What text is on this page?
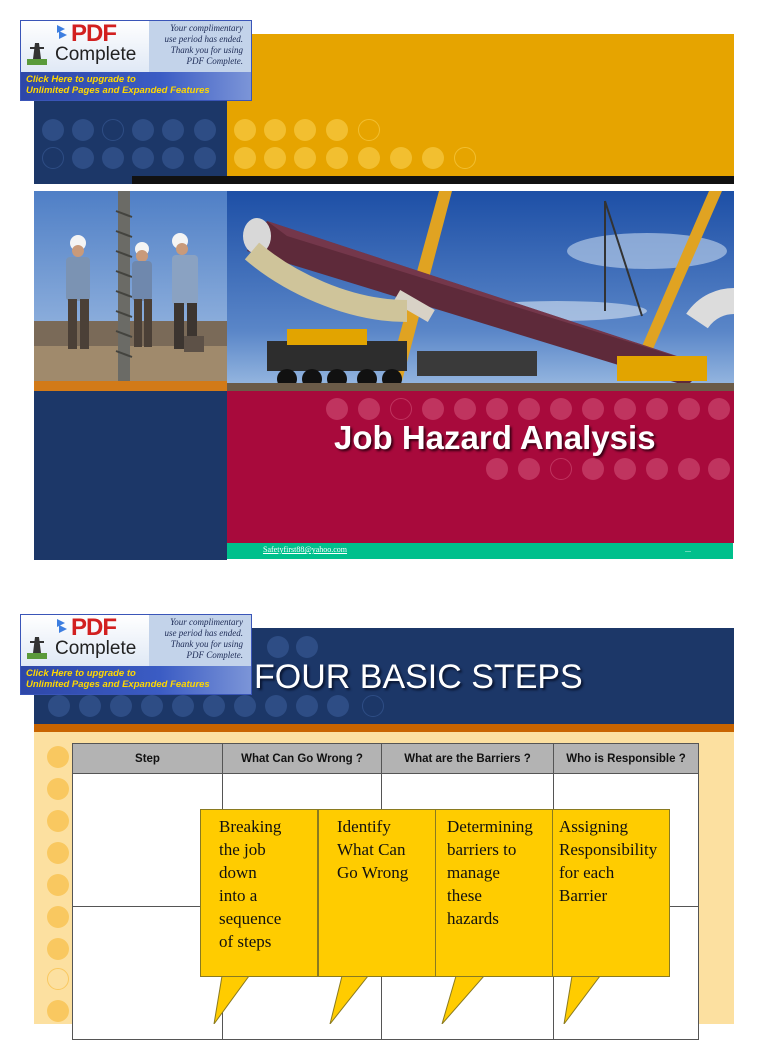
Job Hazard Analysis
Safetyfirst88@yahoo.com	...
FOUR BASIC STEPS
Step	What Can Go Wrong ?	What are the Barriers ?	Who is Responsible ?

Breaking
the job
down
into a
sequence
of steps
Identify
What Can
Go Wrong
Determining
barriers to
manage
these
hazards
Assigning
Responsibility
for each
Barrier
PDF
Complete
Your complimentary
use period has ended.
Thank you for using
PDF Complete.
Click Here to upgrade to
Unlimited Pages and Expanded Features
PDF
Complete
Your complimentary
use period has ended.
Thank you for using
PDF Complete.
Click Here to upgrade to
Unlimited Pages and Expanded Features
